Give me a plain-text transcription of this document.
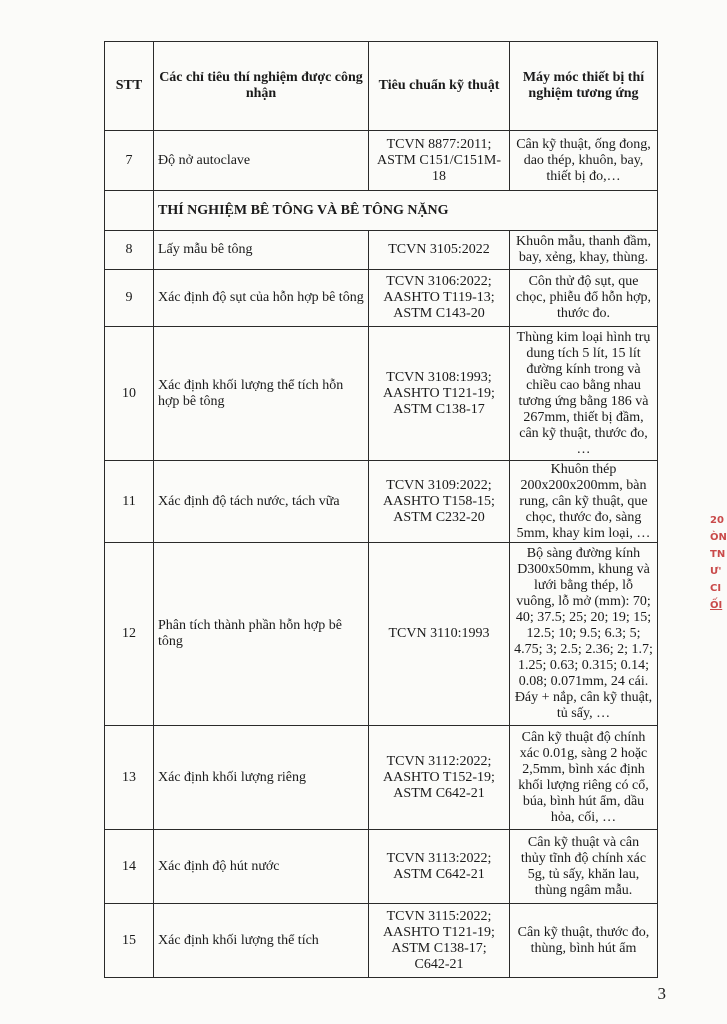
STT	Các chỉ tiêu thí nghiệm được công nhận	Tiêu chuẩn kỹ thuật	Máy móc thiết bị thí nghiệm tương ứng
7	Độ nở autoclave	TCVN 8877:2011; ASTM C151/C151M-18	Cân kỹ thuật, ống đong, dao thép, khuôn, bay, thiết bị đo,…
	THÍ NGHIỆM BÊ TÔNG VÀ BÊ TÔNG NẶNG		
8	Lấy mẫu bê tông	TCVN 3105:2022	Khuôn mẫu, thanh đầm, bay, xẻng, khay, thùng.
9	Xác định độ sụt của hỗn hợp bê tông	TCVN 3106:2022; AASHTO T119-13; ASTM C143-20	Côn thử độ sụt, que chọc, phiễu đổ hỗn hợp, thước đo.
10	Xác định khối lượng thể tích hỗn hợp bê tông	TCVN 3108:1993; AASHTO T121-19; ASTM C138-17	Thùng kim loại hình trụ dung tích 5 lít, 15 lít đường kính trong và chiều cao bằng nhau tương ứng bằng 186 và 267mm, thiết bị đầm, cân kỹ thuật, thước đo, …
11	Xác định độ tách nước, tách vữa	TCVN 3109:2022; AASHTO T158-15; ASTM C232-20	Khuôn thép 200x200x200mm, bàn rung, cân kỹ thuật, que chọc, thước đo, sàng 5mm, khay kim loại, …
12	Phân tích thành phần hỗn hợp bê tông	TCVN 3110:1993	Bộ sàng đường kính D300x50mm, khung và lưới bằng thép, lỗ vuông, lỗ mở (mm): 70; 40; 37.5; 25; 20; 19; 15; 12.5; 10; 9.5; 6.3; 5; 4.75; 3; 2.5; 2.36; 2; 1.7; 1.25; 0.63; 0.315; 0.14; 0.08; 0.071mm, 24 cái. Đáy + nắp, cân kỹ thuật, tủ sấy, …
13	Xác định khối lượng riêng	TCVN 3112:2022; AASHTO T152-19; ASTM C642-21	Cân kỹ thuật độ chính xác 0.01g, sàng 2 hoặc 2,5mm, bình xác định khối lượng riêng có cổ, búa, bình hút ẩm, dầu hỏa, cối, …
14	Xác định độ hút nước	TCVN 3113:2022; ASTM C642-21	Cân kỹ thuật và cân thủy tĩnh độ chính xác 5g, tủ sấy, khăn lau, thùng ngâm mẫu.
15	Xác định khối lượng thể tích	TCVN 3115:2022; AASHTO T121-19; ASTM C138-17; C642-21	Cân kỹ thuật, thước đo, thùng, bình hút ẩm
20
ÒN
TN
Ư'
CI
ỐI
3
